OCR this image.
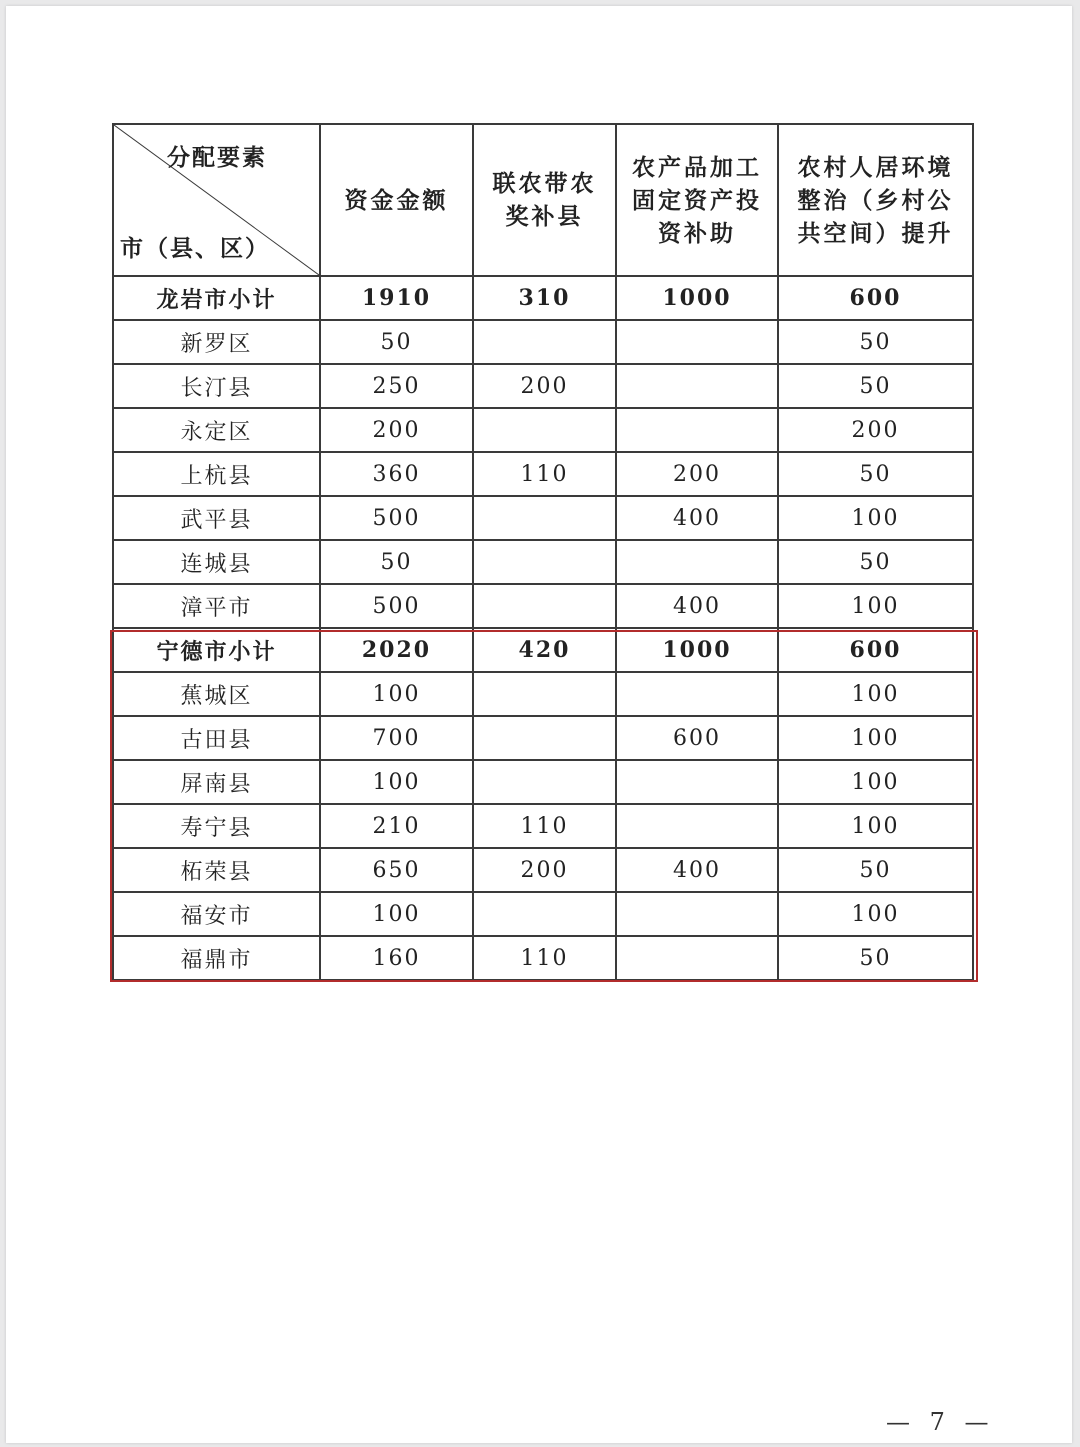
分配要素
市（县、区）	资金金额	联农带农奖补县	农产品加工固定资产投资补助	农村人居环境整治（乡村公共空间）提升
龙岩市小计	1910	310	1000	600
新罗区	50			50
长汀县	250	200		50
永定区	200			200
上杭县	360	110	200	50
武平县	500		400	100
连城县	50			50
漳平市	500		400	100
宁德市小计	2020	420	1000	600
蕉城区	100			100
古田县	700		600	100
屏南县	100			100
寿宁县	210	110		100
柘荣县	650	200	400	50
福安市	100			100
福鼎市	160	110		50
— 7 —
